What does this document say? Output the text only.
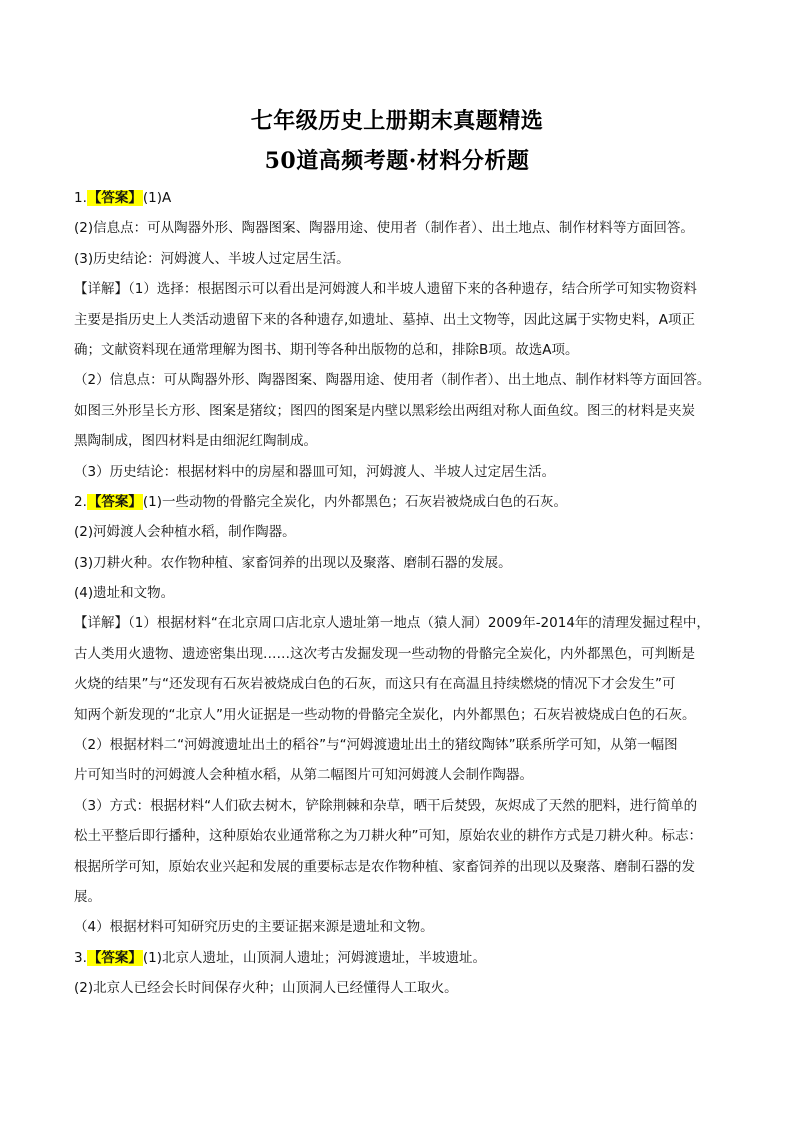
七年级历史上册期末真题精选
50道高频考题·材料分析题
1.【答案】(1)A
(2)信息点：可从陶器外形、陶器图案、陶器用途、使用者（制作者）、出土地点、制作材料等方面回答。
(3)历史结论：河姆渡人、半坡人过定居生活。
【详解】（1）选择：根据图示可以看出是河姆渡人和半坡人遗留下来的各种遗存，结合所学可知实物资料
主要是指历史上人类活动遗留下来的各种遗存,如遗址、墓掉、出土文物等，因此这属于实物史料，A项正
确；文献资料现在通常理解为图书、期刊等各种出版物的总和，排除B项。故选A项。
（2）信息点：可从陶器外形、陶器图案、陶器用途、使用者（制作者）、出土地点、制作材料等方面回答。
如图三外形呈长方形、图案是猪纹；图四的图案是内壁以黑彩绘出两组对称人面鱼纹。图三的材料是夹炭
黑陶制成，图四材料是由细泥红陶制成。
（3）历史结论：根据材料中的房屋和器皿可知，河姆渡人、半坡人过定居生活。
2.【答案】(1)一些动物的骨骼完全炭化，内外都黑色；石灰岩被烧成白色的石灰。
(2)河姆渡人会种植水稻，制作陶器。
(3)刀耕火种。农作物种植、家畜饲养的出现以及聚落、磨制石器的发展。
(4)遗址和文物。
【详解】（1）根据材料“在北京周口店北京人遗址第一地点（猿人洞）2009年-2014年的清理发掘过程中，
古人类用火遗物、遗迹密集出现……这次考古发掘发现一些动物的骨骼完全炭化，内外都黑色，可判断是
火烧的结果”与“还发现有石灰岩被烧成白色的石灰，而这只有在高温且持续燃烧的情况下才会发生”可
知两个新发现的“北京人”用火证据是一些动物的骨骼完全炭化，内外都黑色；石灰岩被烧成白色的石灰。
（2）根据材料二“河姆渡遗址出土的稻谷”与“河姆渡遗址出土的猪纹陶钵”联系所学可知，从第一幅图
片可知当时的河姆渡人会种植水稻，从第二幅图片可知河姆渡人会制作陶器。
（3）方式：根据材料“人们砍去树木，铲除荆棘和杂草，晒干后焚毁，灰烬成了天然的肥料，进行简单的
松土平整后即行播种，这种原始农业通常称之为刀耕火种”可知，原始农业的耕作方式是刀耕火种。标志：
根据所学可知，原始农业兴起和发展的重要标志是农作物种植、家畜饲养的出现以及聚落、磨制石器的发
展。
（4）根据材料可知研究历史的主要证据来源是遗址和文物。
3.【答案】(1)北京人遗址，山顶洞人遗址；河姆渡遗址，半坡遗址。
(2)北京人已经会长时间保存火种；山顶洞人已经懂得人工取火。
